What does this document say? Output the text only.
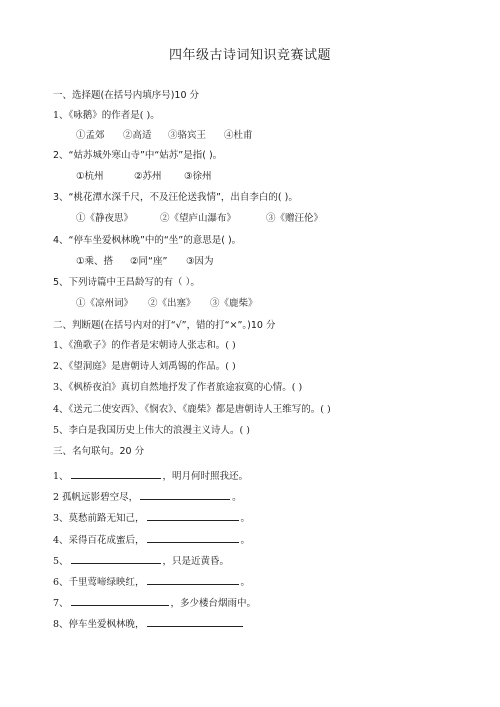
四年级古诗词知识竞赛试题
一、选择题(在括号内填序号)10 分
1、《咏鹅》的作者是( )。
①孟郊 ②高适 ③骆宾王 ④杜甫
2、“姑苏城外寒山寺”中“姑苏”是指( )。
①杭州	②苏州 ③徐州
3、“桃花潭水深千尺，不及汪伦送我情”，出自李白的( )。
①《静夜思》	②《望庐山瀑布》	③《赠汪伦》
4、“停车坐爱枫林晚”中的“坐”的意思是( )。
①乘、搭 ②同“座” ③因为
5、下列诗篇中王昌龄写的有（ ）。
①《凉州词》 ②《出塞》 ③《鹿柴》
二、判断题(在括号内对的打“√”，错的打“×”。)10 分
1、《渔歌子》的作者是宋朝诗人张志和。( )
2、《望洞庭》是唐朝诗人刘禹锡的作品。( )
3、《枫桥夜泊》真切自然地抒发了作者旅途寂寞的心情。( )
4、《送元二使安西》、《悯农》、《鹿柴》都是唐朝诗人王维写的。( )
5、李白是我国历史上伟大的浪漫主义诗人。( )
三、名句联句。20 分
1、	，明月何时照我还。
2 孤帆远影碧空尽，	。
3、莫愁前路无知己，	。
4、采得百花成蜜后，	。
5、	，只是近黄昏。
6、千里莺啼绿映红，	。
7、	，多少楼台烟雨中。
8、停车坐爱枫林晚，
